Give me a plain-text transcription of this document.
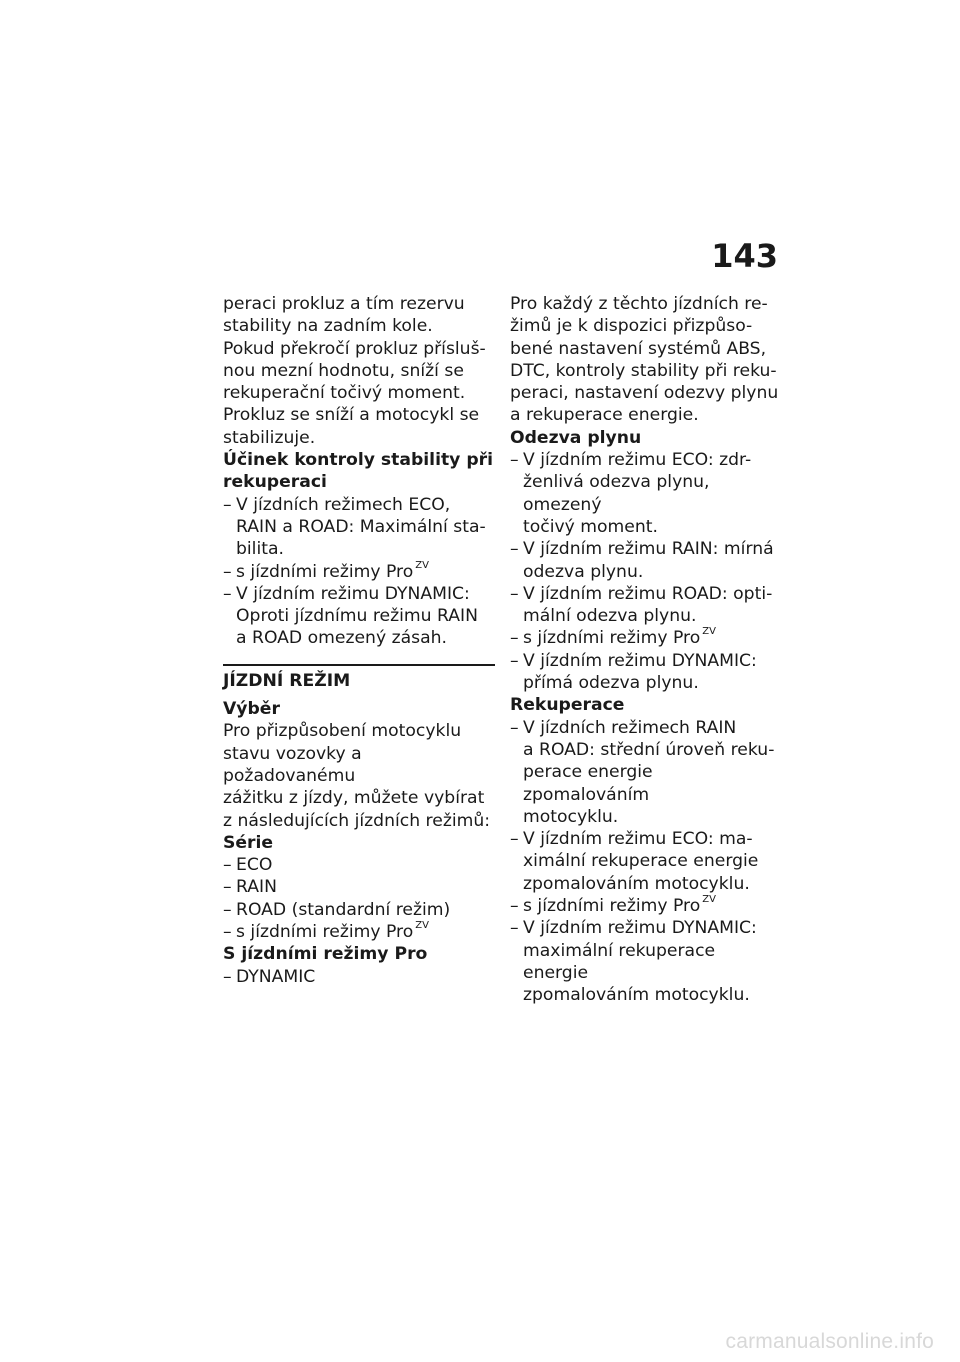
143

peraci prokluz a tím rezervu
stability na zadním kole.
Pokud překročí prokluz přísluš-
nou mezní hodnotu, sníží se
rekuperační točivý moment.
Prokluz se sníží a motocykl se
stabilizuje.

Účinek kontroly stability při
rekuperaci

– V jízdních režimech ECO,
RAIN a ROAD: Maximální sta-
bilita.

– s jízdními režimy Pro $^{ZV}$

– V jízdním režimu DYNAMIC:
Oproti jízdnímu režimu RAIN
a ROAD omezený zásah.

JÍZDNÍ REŽIM

Výběr

Pro přizpůsobení motocyklu
stavu vozovky a požadovanému
zážitku z jízdy, můžete vybírat
z následujících jízdních režimů:

Série

– ECO

– RAIN

– ROAD (standardní režim)

– s jízdními režimy Pro $^{ZV}$

S jízdními režimy Pro

– DYNAMIC

Pro každý z těchto jízdních re-
žimů je k dispozici přizpůso-
bené nastavení systémů ABS,
DTC, kontroly stability při reku-
peraci, nastavení odezvy plynu
a rekuperace energie.

Odezva plynu

– V jízdním režimu ECO: zdr-
ženlivá odezva plynu, omezený
točivý moment.

– V jízdním režimu RAIN: mírná
odezva plynu.

– V jízdním režimu ROAD: opti-
mální odezva plynu.

– s jízdními režimy Pro $^{ZV}$

– V jízdním režimu DYNAMIC:
přímá odezva plynu.

Rekuperace

– V jízdních režimech RAIN
a ROAD: střední úroveň reku-
perace energie zpomalováním
motocyklu.

– V jízdním režimu ECO: ma-
ximální rekuperace energie
zpomalováním motocyklu.

– s jízdními režimy Pro $^{ZV}$

– V jízdním režimu DYNAMIC:
maximální rekuperace energie
zpomalováním motocyklu.

carmanualsonline.info
